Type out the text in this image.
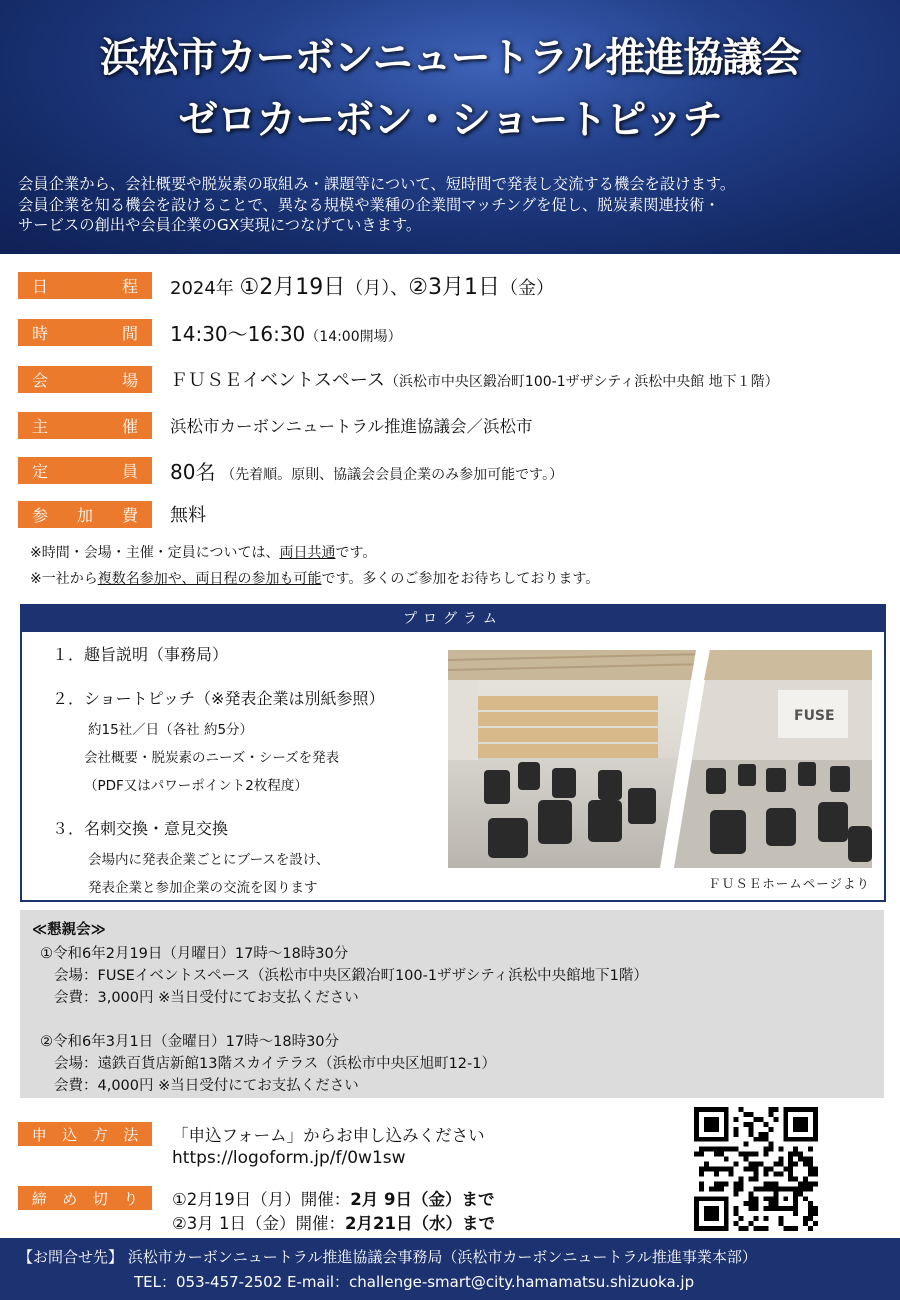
浜松市カーボンニュートラル推進協議会
ゼロカーボン・ショートピッチ
会員企業から、会社概要や脱炭素の取組み・課題等について、短時間で発表し交流する機会を設けます。
会員企業を知る機会を設けることで、異なる規模や業種の企業間マッチングを促し、脱炭素関連技術・
サービスの創出や会員企業のGX実現につなげていきます。
日	程 2024年 ①2月19日（月）、②3月1日（金）
時	間 14:30～16:30（14:00開場）
会	場 ＦＵＳＥイベントスペース（浜松市中央区鍛冶町100-1ザザシティ浜松中央館 地下１階）
主	催 浜松市カーボンニュートラル推進協議会／浜松市
定	員 80名 （先着順。原則、協議会会員企業のみ参加可能です。）
参 加 費 無料
※時間・会場・主催・定員については、両日共通です。
※一社から複数名参加や、両日程の参加も可能です。多くのご参加をお待ちしております。
プログラム
１．趣旨説明（事務局）
２．ショートピッチ（※発表企業は別紙参照）
約15社／日（各社 約5分）
会社概要・脱炭素のニーズ・シーズを発表
（PDF又はパワーポイント2枚程度）
３．名刺交換・意見交換
会場内に発表企業ごとにブースを設け、
発表企業と参加企業の交流を図ります
FUSE
ＦＵＳＥホームページより
≪懇親会≫
①令和6年2月19日（月曜日）17時～18時30分
会場：FUSEイベントスペース（浜松市中央区鍛冶町100-1ザザシティ浜松中央館地下1階）
会費：3,000円 ※当日受付にてお支払ください
②令和6年3月1日（金曜日）17時～18時30分
会場：遠鉄百貨店新館13階スカイテラス（浜松市中央区旭町12-1）
会費：4,000円 ※当日受付にてお支払ください
申 込 方 法 「申込フォーム」からお申し込みください
https://logoform.jp/f/0w1sw
締 め 切 り ①2月19日（月）開催：2月 9日（金）まで
②3月 1日（金）開催：2月21日（水）まで
【お問合せ先】 浜松市カーボンニュートラル推進協議会事務局（浜松市カーボンニュートラル推進事業本部）
TEL：053-457-2502 E-mail：challenge-smart@city.hamamatsu.shizuoka.jp
